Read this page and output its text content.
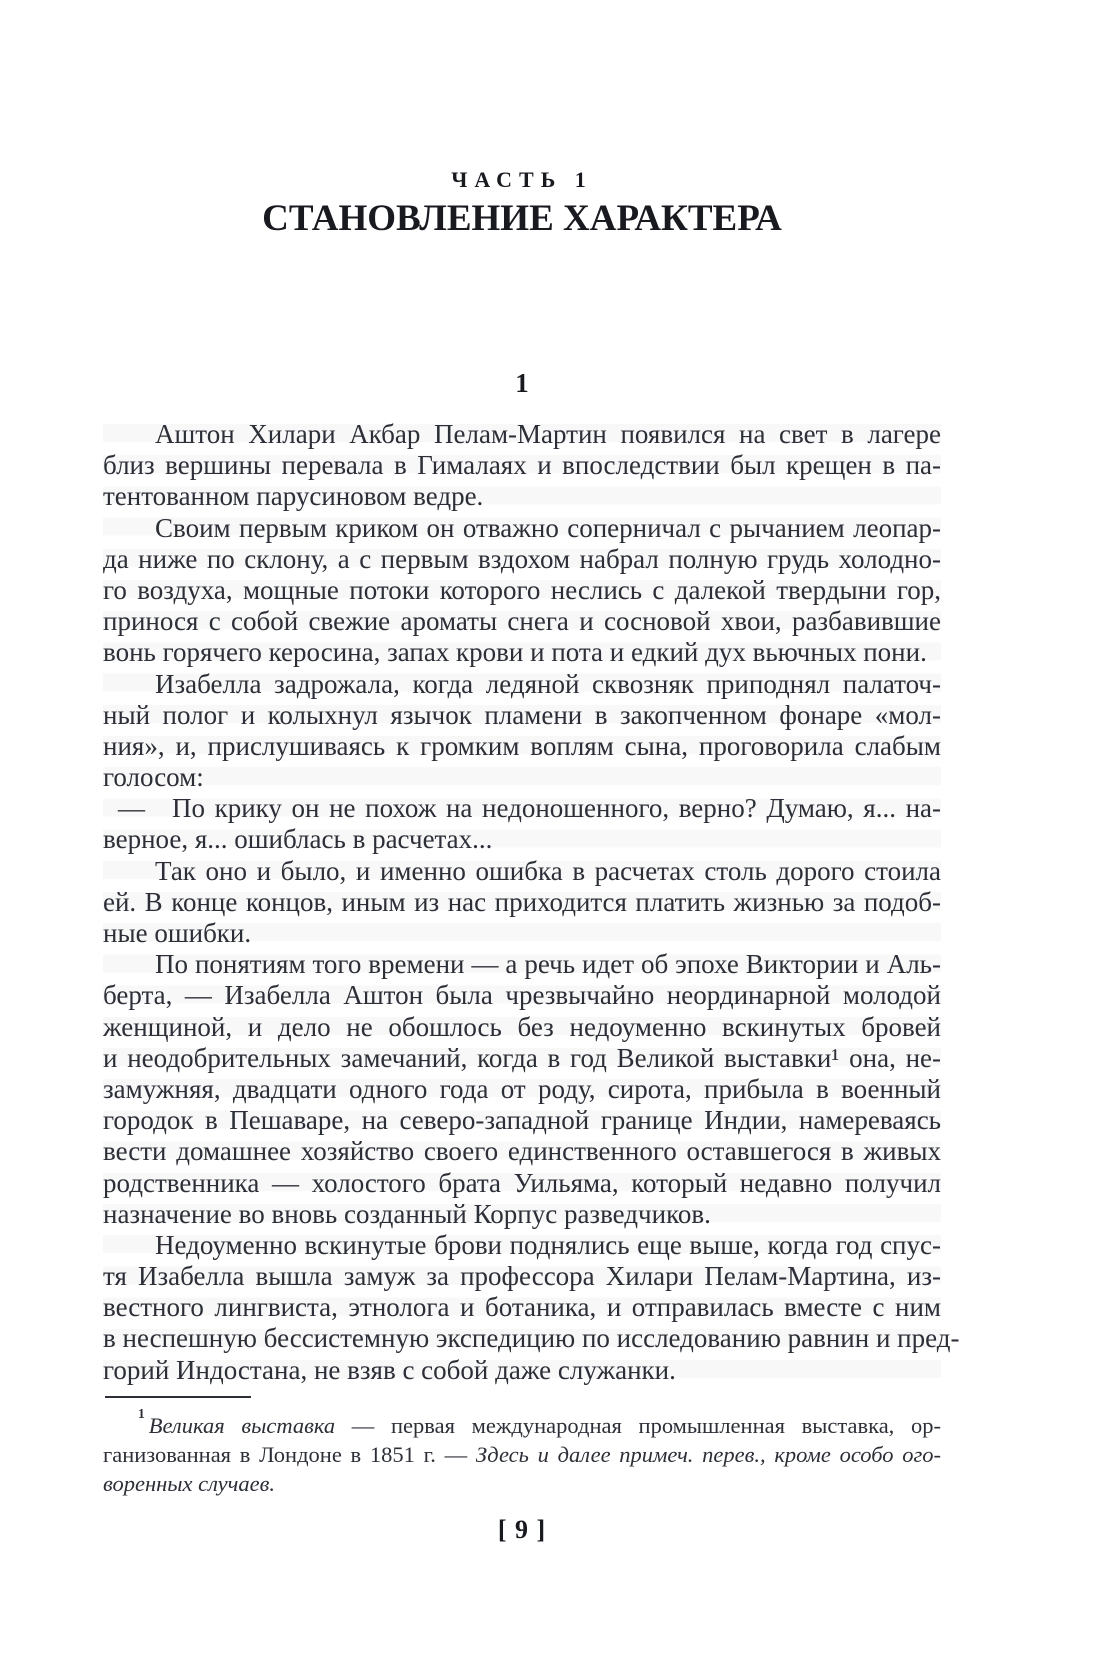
ЧАСТЬ 1
СТАНОВЛЕНИЕ ХАРАКТЕРА
1
Аштон Хилари Акбар Пелам-Мартин появился на свет в лагере
близ вершины перевала в Гималаях и впоследствии был крещен в па-
тентованном парусиновом ведре.
Своим первым криком он отважно соперничал с рычанием леопар-
да ниже по склону, а с первым вздохом набрал полную грудь холодно-
го воздуха, мощные потоки которого неслись с далекой твердыни гор,
принося с собой свежие ароматы снега и сосновой хвои, разбавившие
вонь горячего керосина, запах крови и пота и едкий дух вьючных пони.
Изабелла задрожала, когда ледяной сквозняк приподнял палаточ-
ный полог и колыхнул язычок пламени в закопченном фонаре «мол-
ния», и, прислушиваясь к громким воплям сына, проговорила слабым
голосом:
— По крику он не похож на недоношенного, верно? Думаю, я... на-
верное, я... ошиблась в расчетах...
Так оно и было, и именно ошибка в расчетах столь дорого стоила
ей. В конце концов, иным из нас приходится платить жизнью за подоб-
ные ошибки.
По понятиям того времени — а речь идет об эпохе Виктории и Аль-
берта, — Изабелла Аштон была чрезвычайно неординарной молодой
женщиной, и дело не обошлось без недоуменно вскинутых бровей
и неодобрительных замечаний, когда в год Великой выставки¹ она, не-
замужняя, двадцати одного года от роду, сирота, прибыла в военный
городок в Пешаваре, на северо-западной границе Индии, намереваясь
вести домашнее хозяйство своего единственного оставшегося в живых
родственника — холостого брата Уильяма, который недавно получил
назначение во вновь созданный Корпус разведчиков.
Недоуменно вскинутые брови поднялись еще выше, когда год спус-
тя Изабелла вышла замуж за профессора Хилари Пелам-Мартина, из-
вестного лингвиста, этнолога и ботаника, и отправилась вместе с ним
в неспешную бессистемную экспедицию по исследованию равнин и пред-
горий Индостана, не взяв с собой даже служанки.
$^1$ Великая выставка — первая международная промышленная выставка, ор-
ганизованная в Лондоне в 1851 г. — Здесь и далее примеч. перев., кроме особо ого-
воренных случаев.
[ 9 ]
